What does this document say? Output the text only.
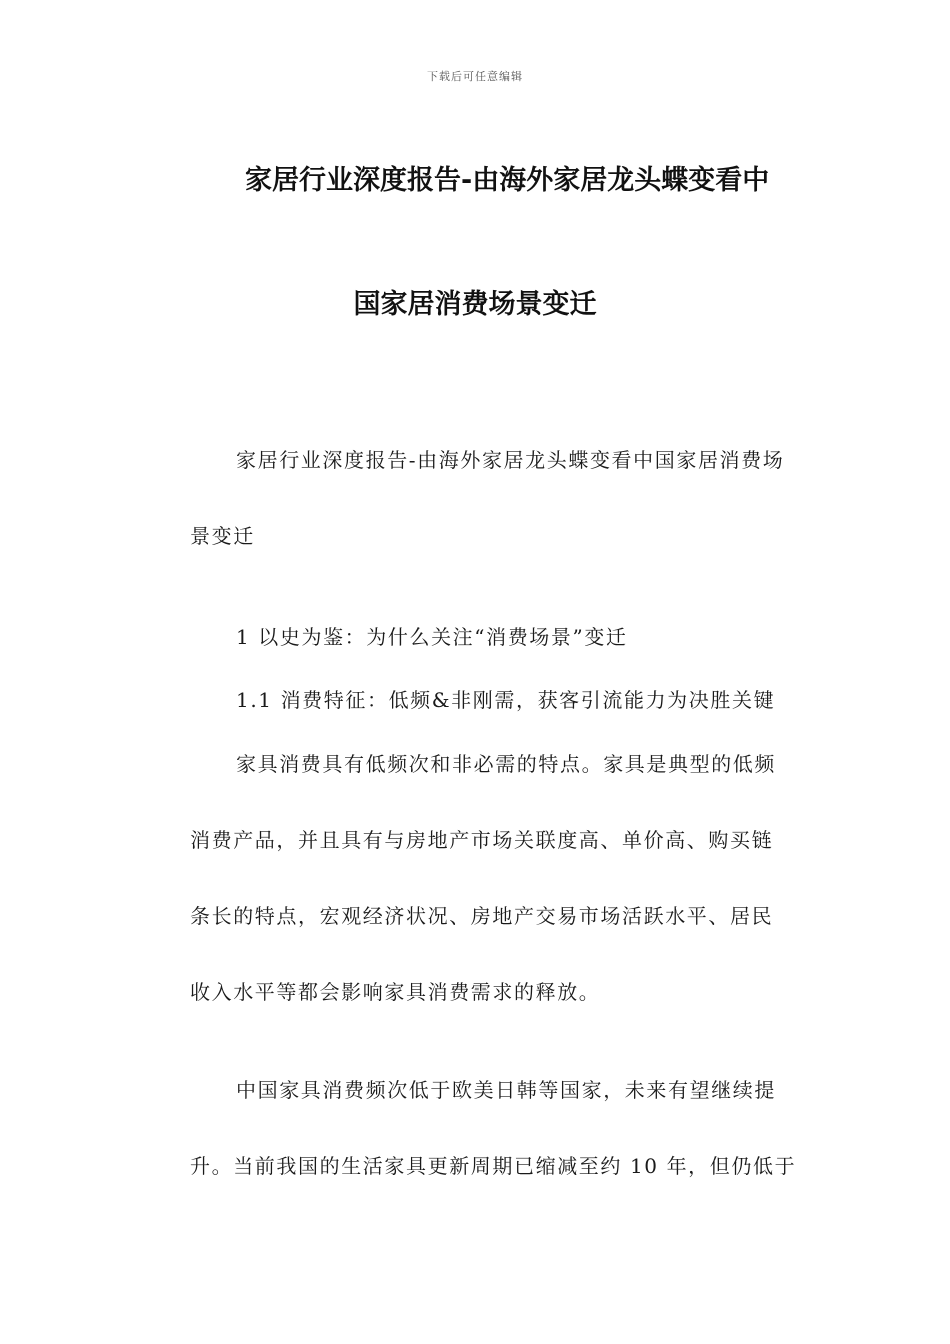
下载后可任意编辑
家居行业深度报告-由海外家居龙头蝶变看中
国家居消费场景变迁
家居行业深度报告-由海外家居龙头蝶变看中国家居消费场
景变迁
1 以史为鉴：为什么关注“消费场景”变迁
1.1 消费特征：低频&非刚需，获客引流能力为决胜关键
家具消费具有低频次和非必需的特点。家具是典型的低频
消费产品，并且具有与房地产市场关联度高、单价高、购买链
条长的特点，宏观经济状况、房地产交易市场活跃水平、居民
收入水平等都会影响家具消费需求的释放。
中国家具消费频次低于欧美日韩等国家，未来有望继续提
升。当前我国的生活家具更新周期已缩减至约 10 年，但仍低于
